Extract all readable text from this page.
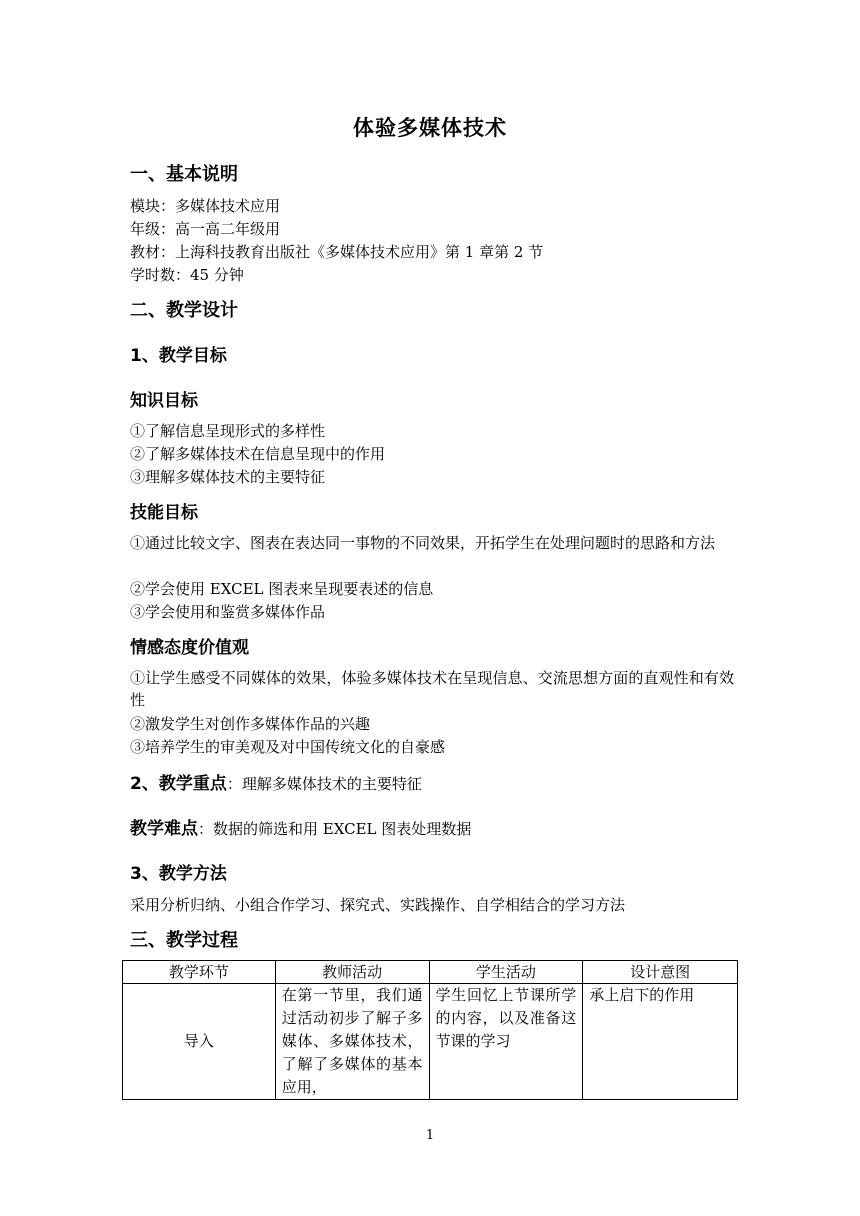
体验多媒体技术
一、基本说明
模块：多媒体技术应用
年级：高一高二年级用
教材：上海科技教育出版社《多媒体技术应用》第 1 章第 2 节
学时数：45 分钟
二、教学设计
1、教学目标
知识目标
①了解信息呈现形式的多样性
②了解多媒体技术在信息呈现中的作用
③理解多媒体技术的主要特征
技能目标
①通过比较文字、图表在表达同一事物的不同效果，开拓学生在处理问题时的思路和方法
②学会使用 EXCEL 图表来呈现要表述的信息
③学会使用和鉴赏多媒体作品
情感态度价值观
①让学生感受不同媒体的效果，体验多媒体技术在呈现信息、交流思想方面的直观性和有效性
②激发学生对创作多媒体作品的兴趣
③培养学生的审美观及对中国传统文化的自豪感
2、教学重点：理解多媒体技术的主要特征
教学难点：数据的筛选和用 EXCEL 图表处理数据
3、教学方法
采用分析归纳、小组合作学习、探究式、实践操作、自学相结合的学习方法
三、教学过程
教学环节	教师活动	学生活动	设计意图
导入	在第一节里，我们通过活动初步了解子多媒体、多媒体技术，了解了多媒体的基本应用，	学生回忆上节课所学的内容，以及准备这节课的学习	承上启下的作用
1
